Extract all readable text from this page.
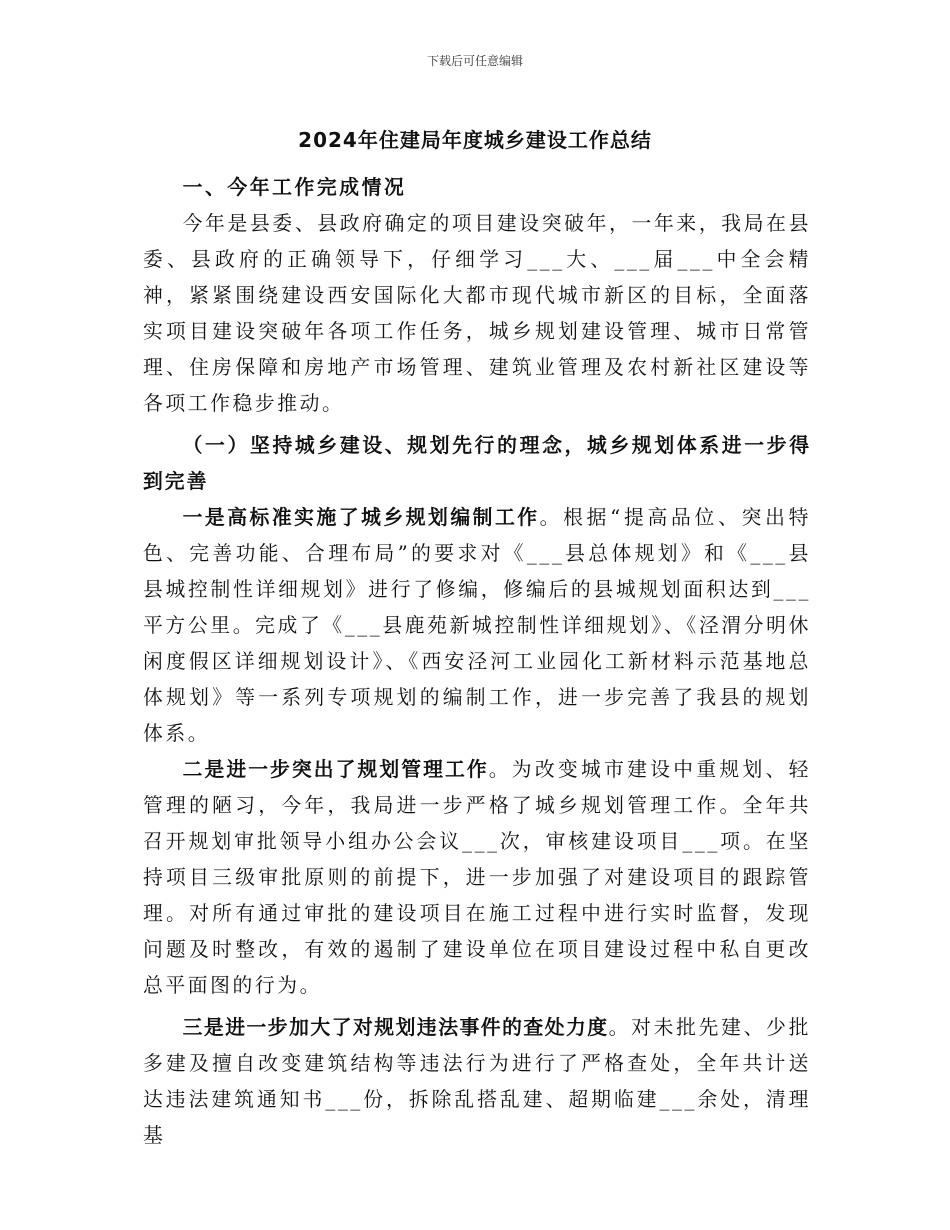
下载后可任意编辑
2024年住建局年度城乡建设工作总结

一、今年工作完成情况

今年是县委、县政府确定的项目建设突破年，一年来，我局在县委、县政府的正确领导下，仔细学习___大、___届___中全会精神，紧紧围绕建设西安国际化大都市现代城市新区的目标，全面落实项目建设突破年各项工作任务，城乡规划建设管理、城市日常管理、住房保障和房地产市场管理、建筑业管理及农村新社区建设等各项工作稳步推动。

（一）坚持城乡建设、规划先行的理念，城乡规划体系进一步得到完善

一是高标准实施了城乡规划编制工作。根据“提高品位、突出特色、完善功能、合理布局”的要求对《___县总体规划》和《___县县城控制性详细规划》进行了修编，修编后的县城规划面积达到___平方公里。完成了《___县鹿苑新城控制性详细规划》、《泾渭分明休闲度假区详细规划设计》、《西安泾河工业园化工新材料示范基地总体规划》等一系列专项规划的编制工作，进一步完善了我县的规划体系。

二是进一步突出了规划管理工作。为改变城市建设中重规划、轻管理的陋习，今年，我局进一步严格了城乡规划管理工作。全年共召开规划审批领导小组办公会议___次，审核建设项目___项。在坚持项目三级审批原则的前提下，进一步加强了对建设项目的跟踪管理。对所有通过审批的建设项目在施工过程中进行实时监督，发现问题及时整改，有效的遏制了建设单位在项目建设过程中私自更改总平面图的行为。

三是进一步加大了对规划违法事件的查处力度。对未批先建、少批多建及擅自改变建筑结构等违法行为进行了严格查处，全年共计送达违法建筑通知书___份，拆除乱搭乱建、超期临建___余处，清理基
